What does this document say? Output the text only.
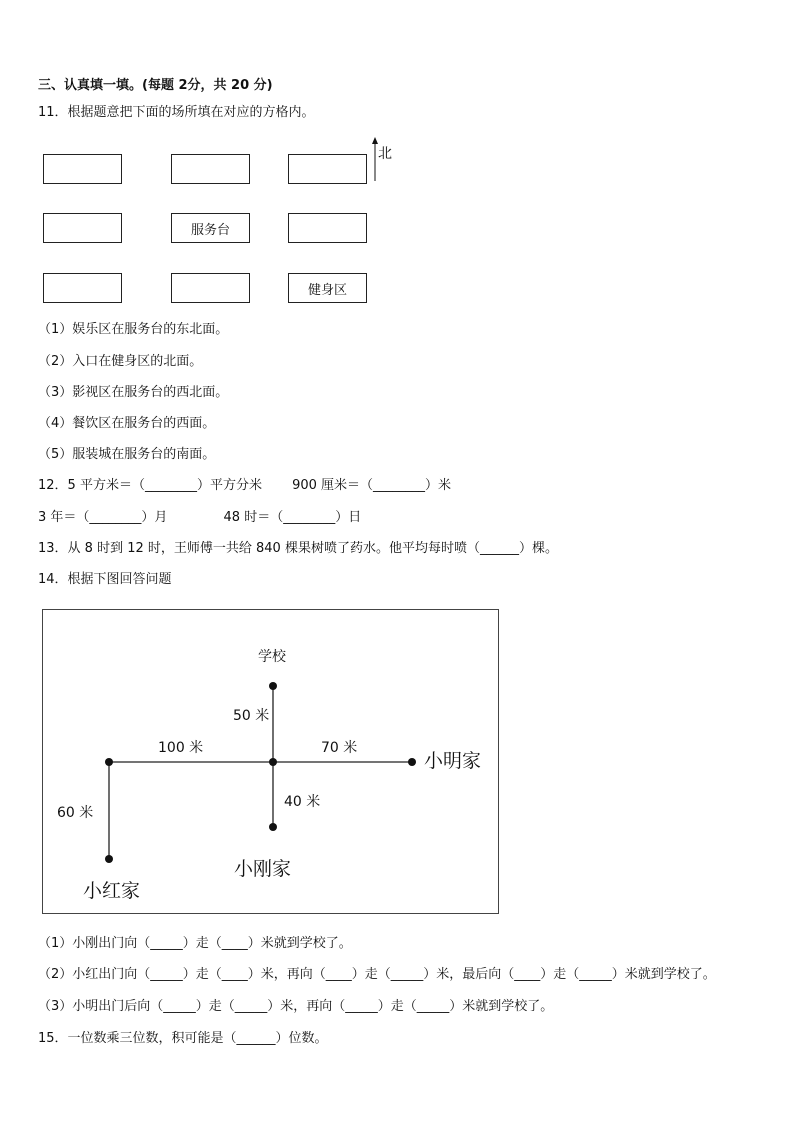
三、认真填一填。(每题 2分，共 20 分)
11．根据题意把下面的场所填在对应的方格内。
服务台
健身区
北
（1）娱乐区在服务台的东北面。
（2）入口在健身区的北面。
（3）影视区在服务台的西北面。
（4）餐饮区在服务台的西面。
（5）服装城在服务台的南面。
12．5 平方米＝（________）平方分米 　　900 厘米＝（________）米
3 年＝（________）月 　　　　48 时＝（________）日
13．从 8 时到 12 时，王师傅一共给 840 棵果树喷了药水。他平均每时喷（______）棵。
14．根据下图回答问题
学校
50 米
100 米	70 米
小明家
40 米
60 米
小刚家
小红家
（1）小刚出门向（_____）走（____）米就到学校了。
（2）小红出门向（_____）走（____）米，再向（____）走（_____）米，最后向（____）走（_____）米就到学校了。
（3）小明出门后向（_____）走（_____）米，再向（_____）走（_____）米就到学校了。
15．一位数乘三位数，积可能是（______）位数。
